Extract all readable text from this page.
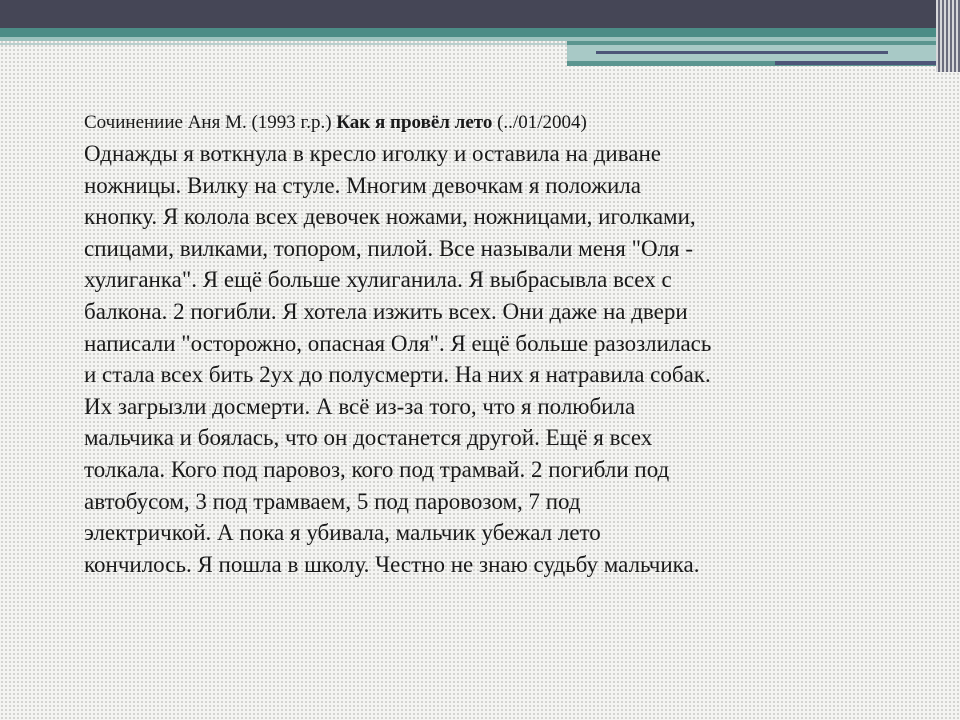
Сочинениие Аня М. (1993 г.р.) Как я провёл лето (../01/2004)
Однажды я воткнула в кресло иголку и оставила на диване
ножницы. Вилку на стуле. Многим девочкам я положила
кнопку. Я колола всех девочек ножами, ножницами, иголками,
спицами, вилками, топором, пилой. Все называли меня "Оля -
хулиганка". Я ещё больше хулиганила. Я выбрасывла всех с
балкона. 2 погибли. Я хотела изжить всех. Они даже на двери
написали "осторожно, опасная Оля". Я ещё больше разозлилась
и стала всех бить 2ух до полусмерти. На них я натравила собак.
Их загрызли досмерти. А всё из-за того, что я полюбила
мальчика и боялась, что он достанется другой. Ещё я всех
толкала. Кого под паровоз, кого под трамвай. 2 погибли под
автобусом, 3 под трамваем, 5 под паровозом, 7 под
электричкой. А пока я убивала, мальчик убежал лето
кончилось. Я пошла в школу. Честно не знаю судьбу мальчика.
